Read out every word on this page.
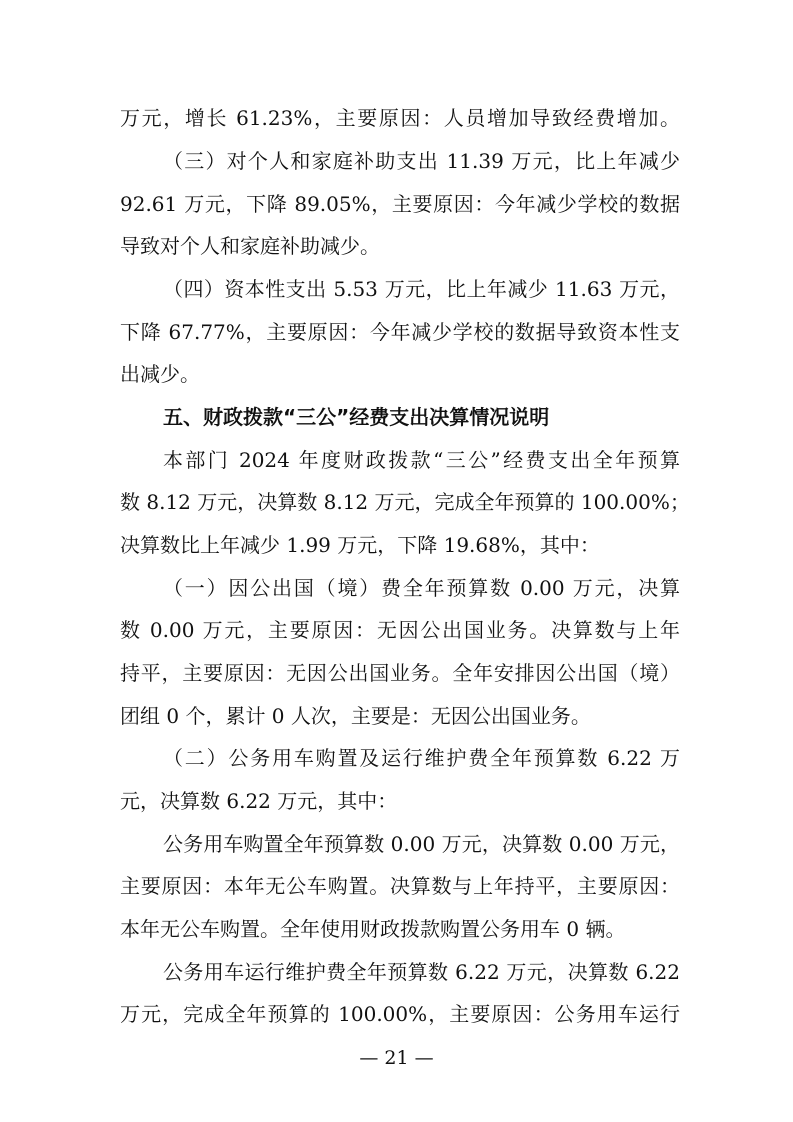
万元，增长 61.23%，主要原因：人员增加导致经费增加。
（三）对个人和家庭补助支出 11.39 万元，比上年减少
92.61 万元，下降 89.05%，主要原因：今年减少学校的数据
导致对个人和家庭补助减少。
（四）资本性支出 5.53 万元，比上年减少 11.63 万元，
下降 67.77%，主要原因：今年减少学校的数据导致资本性支
出减少。
五、财政拨款“三公”经费支出决算情况说明
本部门 2024 年度财政拨款“三公”经费支出全年预算
数 8.12 万元，决算数 8.12 万元，完成全年预算的 100.00%；
决算数比上年减少 1.99 万元，下降 19.68%，其中：
（一）因公出国（境）费全年预算数 0.00 万元，决算
数 0.00 万元，主要原因：无因公出国业务。决算数与上年
持平，主要原因：无因公出国业务。全年安排因公出国（境）
团组 0 个，累计 0 人次，主要是：无因公出国业务。
（二）公务用车购置及运行维护费全年预算数 6.22 万
元，决算数 6.22 万元，其中：
公务用车购置全年预算数 0.00 万元，决算数 0.00 万元，
主要原因：本年无公车购置。决算数与上年持平，主要原因：
本年无公车购置。全年使用财政拨款购置公务用车 0 辆。
公务用车运行维护费全年预算数 6.22 万元，决算数 6.22
万元，完成全年预算的 100.00%，主要原因：公务用车运行
— 21 —
